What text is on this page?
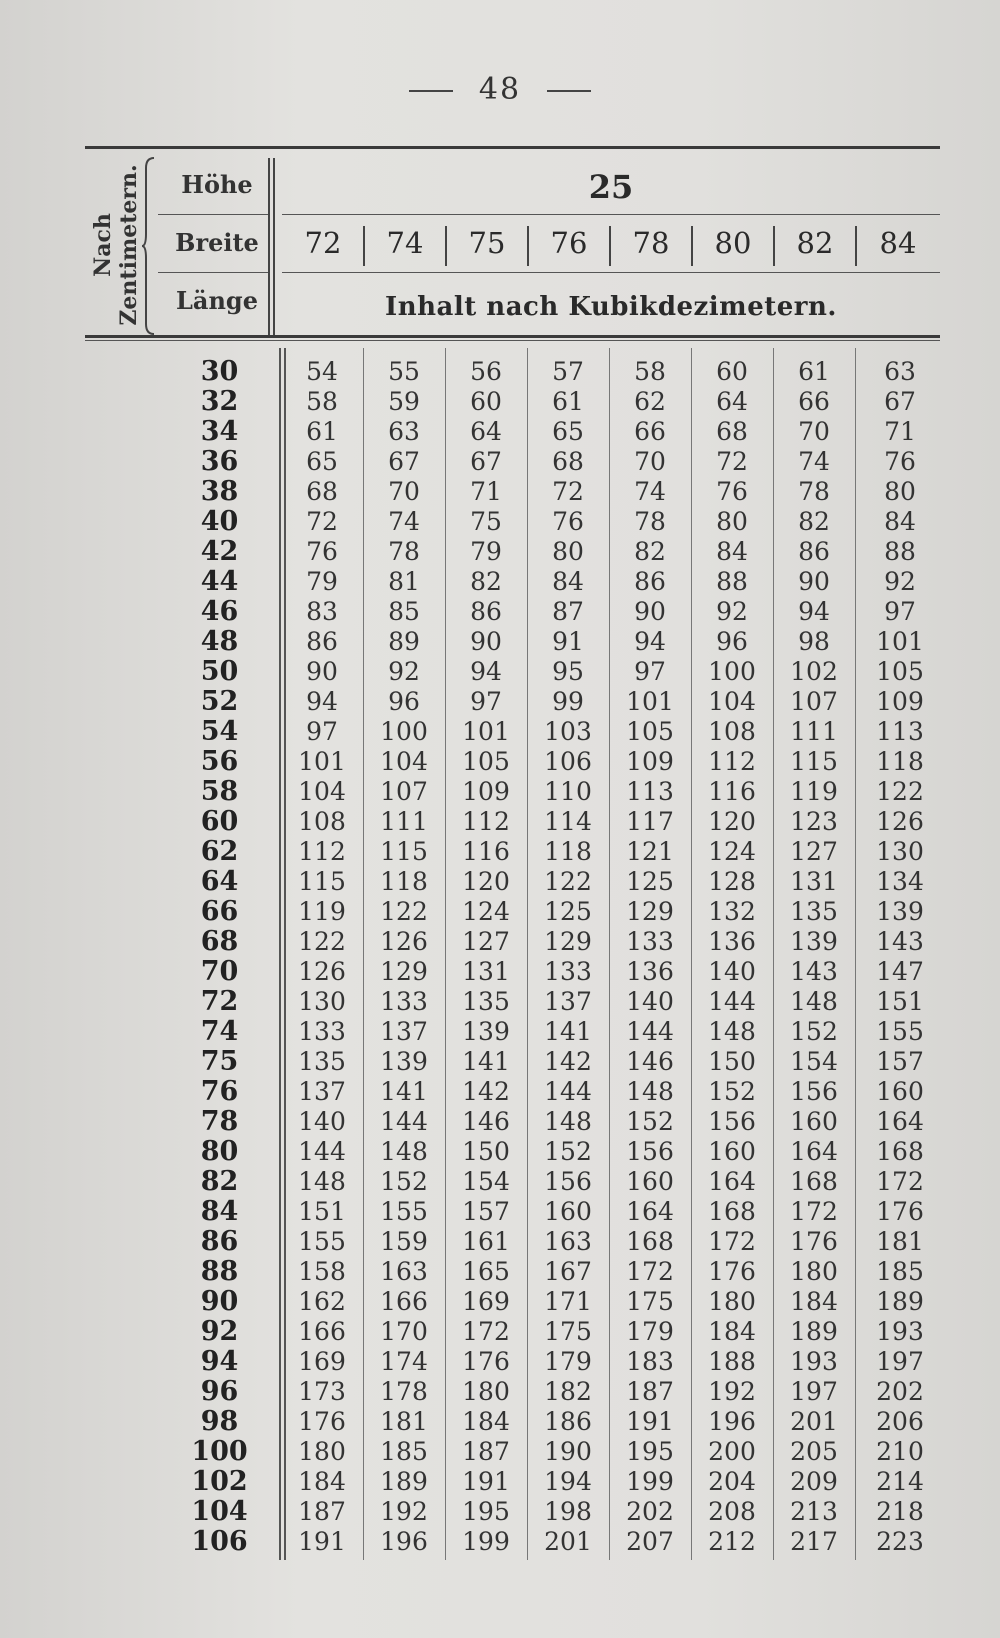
48
Nach Zentimetern.	Höhe
Breite
Länge
25
72	74	75	76	78	80	82	84
Inhalt nach Kubikdezimetern.
30	54	55	56	57	58	60	61	63
32	58	59	60	61	62	64	66	67
34	61	63	64	65	66	68	70	71
36	65	67	67	68	70	72	74	76
38	68	70	71	72	74	76	78	80
40	72	74	75	76	78	80	82	84
42	76	78	79	80	82	84	86	88
44	79	81	82	84	86	88	90	92
46	83	85	86	87	90	92	94	97
48	86	89	90	91	94	96	98	101
50	90	92	94	95	97	100	102	105
52	94	96	97	99	101	104	107	109
54	97	100	101	103	105	108	111	113
56	101	104	105	106	109	112	115	118
58	104	107	109	110	113	116	119	122
60	108	111	112	114	117	120	123	126
62	112	115	116	118	121	124	127	130
64	115	118	120	122	125	128	131	134
66	119	122	124	125	129	132	135	139
68	122	126	127	129	133	136	139	143
70	126	129	131	133	136	140	143	147
72	130	133	135	137	140	144	148	151
74	133	137	139	141	144	148	152	155
75	135	139	141	142	146	150	154	157
76	137	141	142	144	148	152	156	160
78	140	144	146	148	152	156	160	164
80	144	148	150	152	156	160	164	168
82	148	152	154	156	160	164	168	172
84	151	155	157	160	164	168	172	176
86	155	159	161	163	168	172	176	181
88	158	163	165	167	172	176	180	185
90	162	166	169	171	175	180	184	189
92	166	170	172	175	179	184	189	193
94	169	174	176	179	183	188	193	197
96	173	178	180	182	187	192	197	202
98	176	181	184	186	191	196	201	206
100	180	185	187	190	195	200	205	210
102	184	189	191	194	199	204	209	214
104	187	192	195	198	202	208	213	218
106	191	196	199	201	207	212	217	223
